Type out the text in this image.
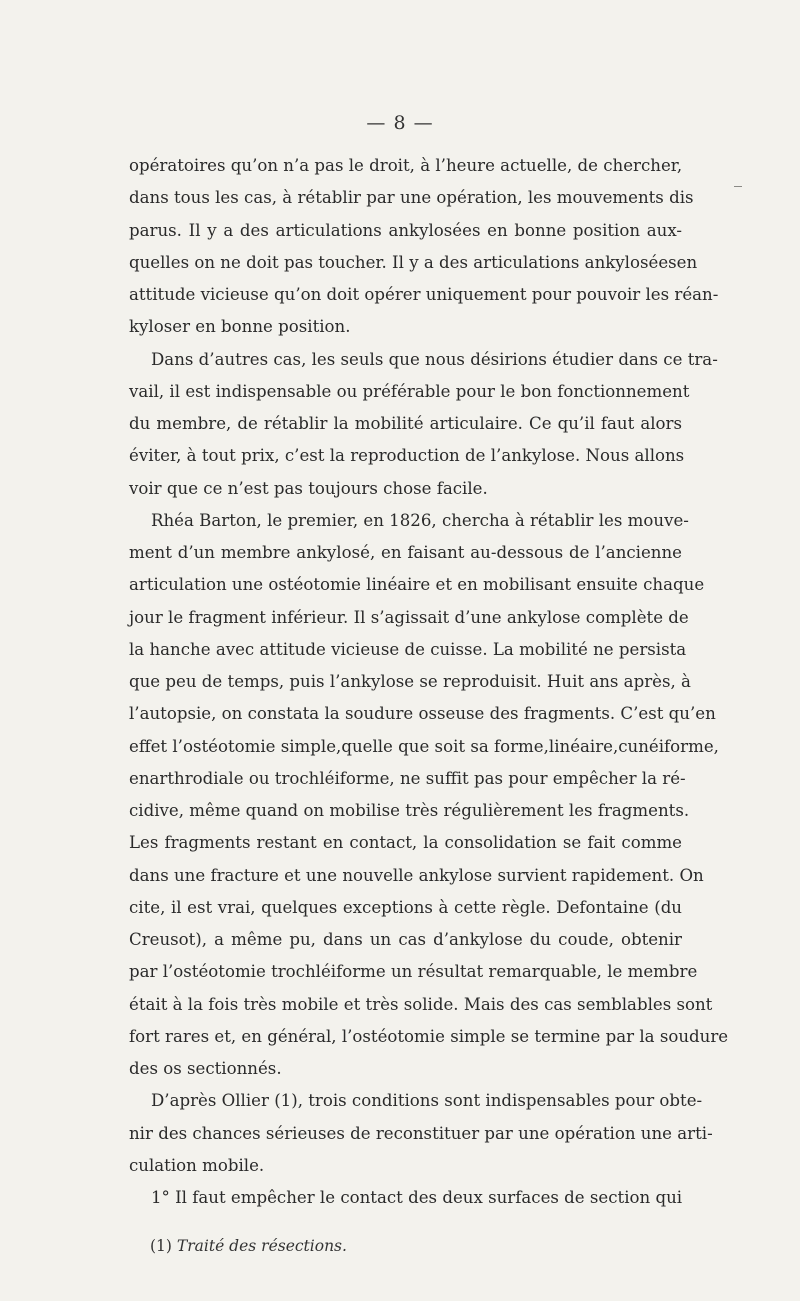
— 8 —
opératoires qu’on n’a pas le droit, à l’heure actuelle, de chercher,
dans tous les cas, à rétablir par une opération, les mouvements dis
parus. Il y a des articulations ankylosées en bonne position aux-
quelles on ne doit pas toucher. Il y a des articulations ankyloséesen
attitude vicieuse qu’on doit opérer uniquement pour pouvoir les réan-
kyloser en bonne position.
Dans d’autres cas, les seuls que nous désirions étudier dans ce tra-
vail, il est indispensable ou préférable pour le bon fonctionnement
du membre, de rétablir la mobilité articulaire. Ce qu’il faut alors
éviter, à tout prix, c’est la reproduction de l’ankylose. Nous allons
voir que ce n’est pas toujours chose facile.
Rhéa Barton, le premier, en 1826, chercha à rétablir les mouve-
ment d’un membre ankylosé, en faisant au-dessous de l’ancienne
articulation une ostéotomie linéaire et en mobilisant ensuite chaque
jour le fragment inférieur. Il s’agissait d’une ankylose complète de
la hanche avec attitude vicieuse de cuisse. La mobilité ne persista
que peu de temps, puis l’ankylose se reproduisit. Huit ans après, à
l’autopsie, on constata la soudure osseuse des fragments. C’est qu’en
effet l’ostéotomie simple,quelle que soit sa forme,linéaire,cunéiforme,
enarthrodiale ou trochléiforme, ne suffit pas pour empêcher la ré-
cidive, même quand on mobilise très régulièrement les fragments.
Les fragments restant en contact, la consolidation se fait comme
dans une fracture et une nouvelle ankylose survient rapidement. On
cite, il est vrai, quelques exceptions à cette règle. Defontaine (du
Creusot), a même pu, dans un cas d’ankylose du coude, obtenir
par l’ostéotomie trochléiforme un résultat remarquable, le membre
était à la fois très mobile et très solide. Mais des cas semblables sont
fort rares et, en général, l’ostéotomie simple se termine par la soudure
des os sectionnés.
D’après Ollier (1), trois conditions sont indispensables pour obte-
nir des chances sérieuses de reconstituer par une opération une arti-
culation mobile.
1° Il faut empêcher le contact des deux surfaces de section qui
(1) Traité des résections.
